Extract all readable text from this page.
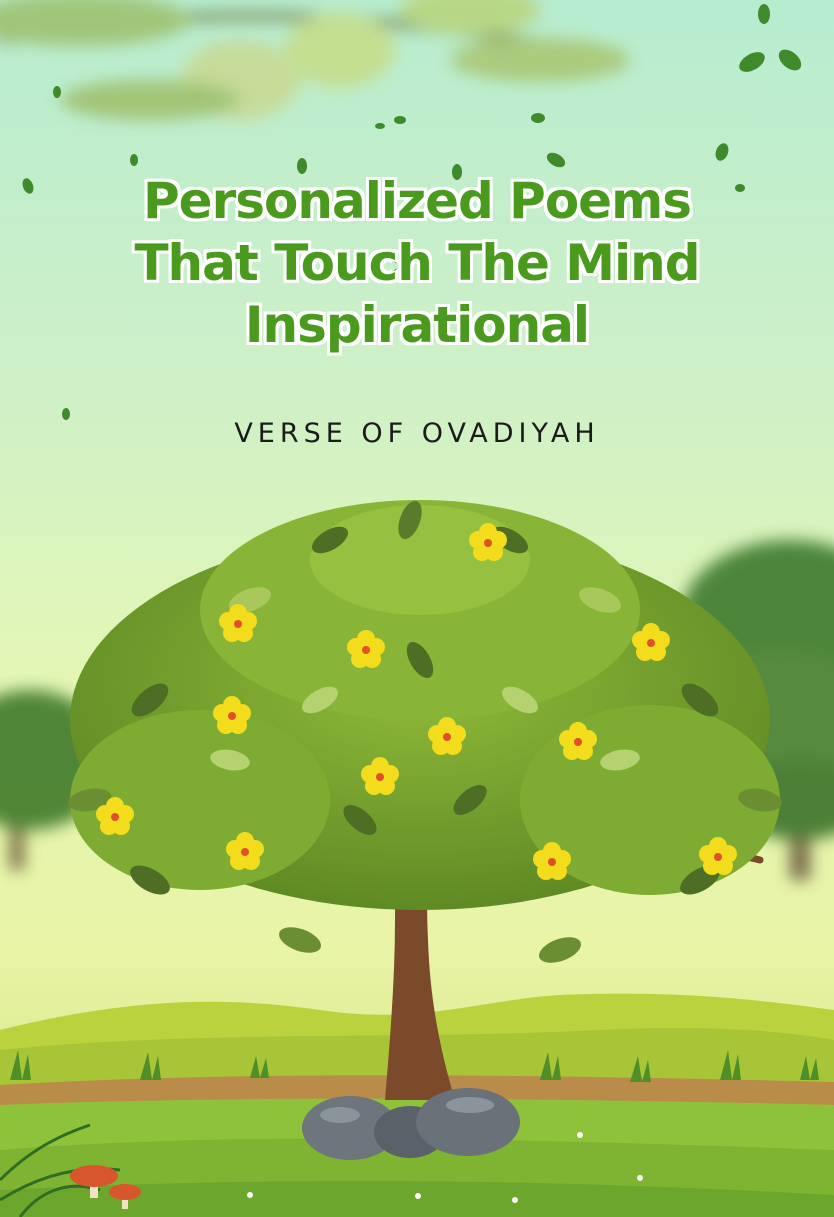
Personalized Poems
That Touch The Mind
Inspirational
VERSE OF OVADIYAH
